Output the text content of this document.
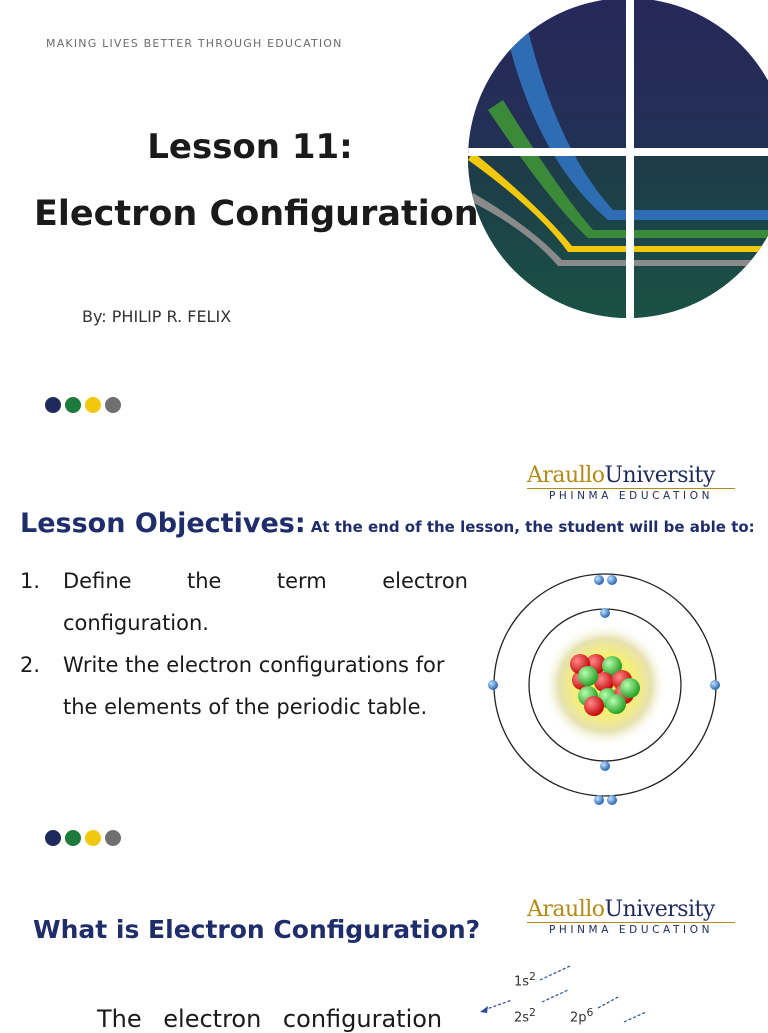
MAKING LIVES BETTER THROUGH EDUCATION
Lesson 11:
Electron Configuration
By: PHILIP R. FELIX
AraulloUniversity
PHINMA EDUCATION
Lesson Objectives: At the end of the lesson, the student will be able to:
1.	Define the term electron
configuration.
2.	Write the electron configurations for
the elements of the periodic table.
AraulloUniversity
PHINMA EDUCATION
What is Electron Configuration?
$1s^2$
$2s^2$	$2p^6$
The electron configuration
